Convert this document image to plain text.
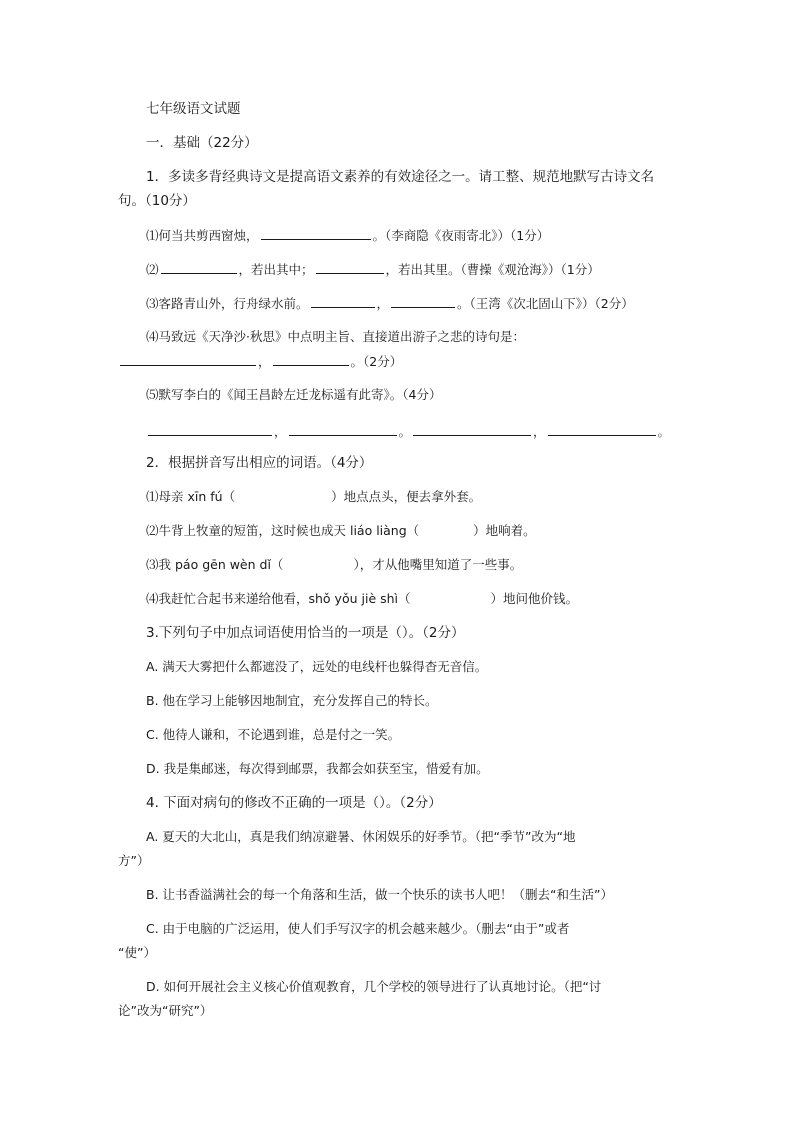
七年级语文试题
一．基础（22分）
1．多读多背经典诗文是提高语文素养的有效途径之一。请工整、规范地默写古诗文名
句。（10分）
⑴何当共剪西窗烛，	。（李商隐《夜雨寄北》）（1分）
⑵	，若出其中；	，若出其里。（曹操《观沧海》）（1分）
⑶客路青山外，行舟绿水前。	，	。（王湾《次北固山下》）（2分）
⑷马致远《天净沙·秋思》中点明主旨、直接道出游子之悲的诗句是：
，	。（2分）
⑸默写李白的《闻王昌龄左迁龙标遥有此寄》。（4分）
，	。	，	。
2．根据拼音写出相应的词语。（4分）
⑴母亲 xīn fú（	）地点点头，便去拿外套。
⑵牛背上牧童的短笛，这时候也成天 liáo liàng（	）地响着。
⑶我 páo gēn wèn dǐ（	），才从他嘴里知道了一些事。
⑷我赶忙合起书来递给他看，shǒ yǒu jiè shì（	）地问他价钱。
3.下列句子中加点词语使用恰当的一项是（）。（2分）
A. 满天大雾把什么都遮没了，远处的电线杆也躲得杳无音信。
B. 他在学习上能够因地制宜，充分发挥自己的特长。
C. 他待人谦和，不论遇到谁，总是付之一笑。
D. 我是集邮迷，每次得到邮票，我都会如获至宝，惜爱有加。
4. 下面对病句的修改不正确的一项是（）。（2分）
A. 夏天的大北山，真是我们纳凉避暑、休闲娱乐的好季节。（把“季节”改为“地
方”）
B. 让书香溢满社会的每一个角落和生活，做一个快乐的读书人吧！（删去“和生活”）
C. 由于电脑的广泛运用，使人们手写汉字的机会越来越少。（删去“由于”或者
“使”）
D. 如何开展社会主义核心价值观教育，几个学校的领导进行了认真地讨论。（把“讨
论”改为“研究”）
